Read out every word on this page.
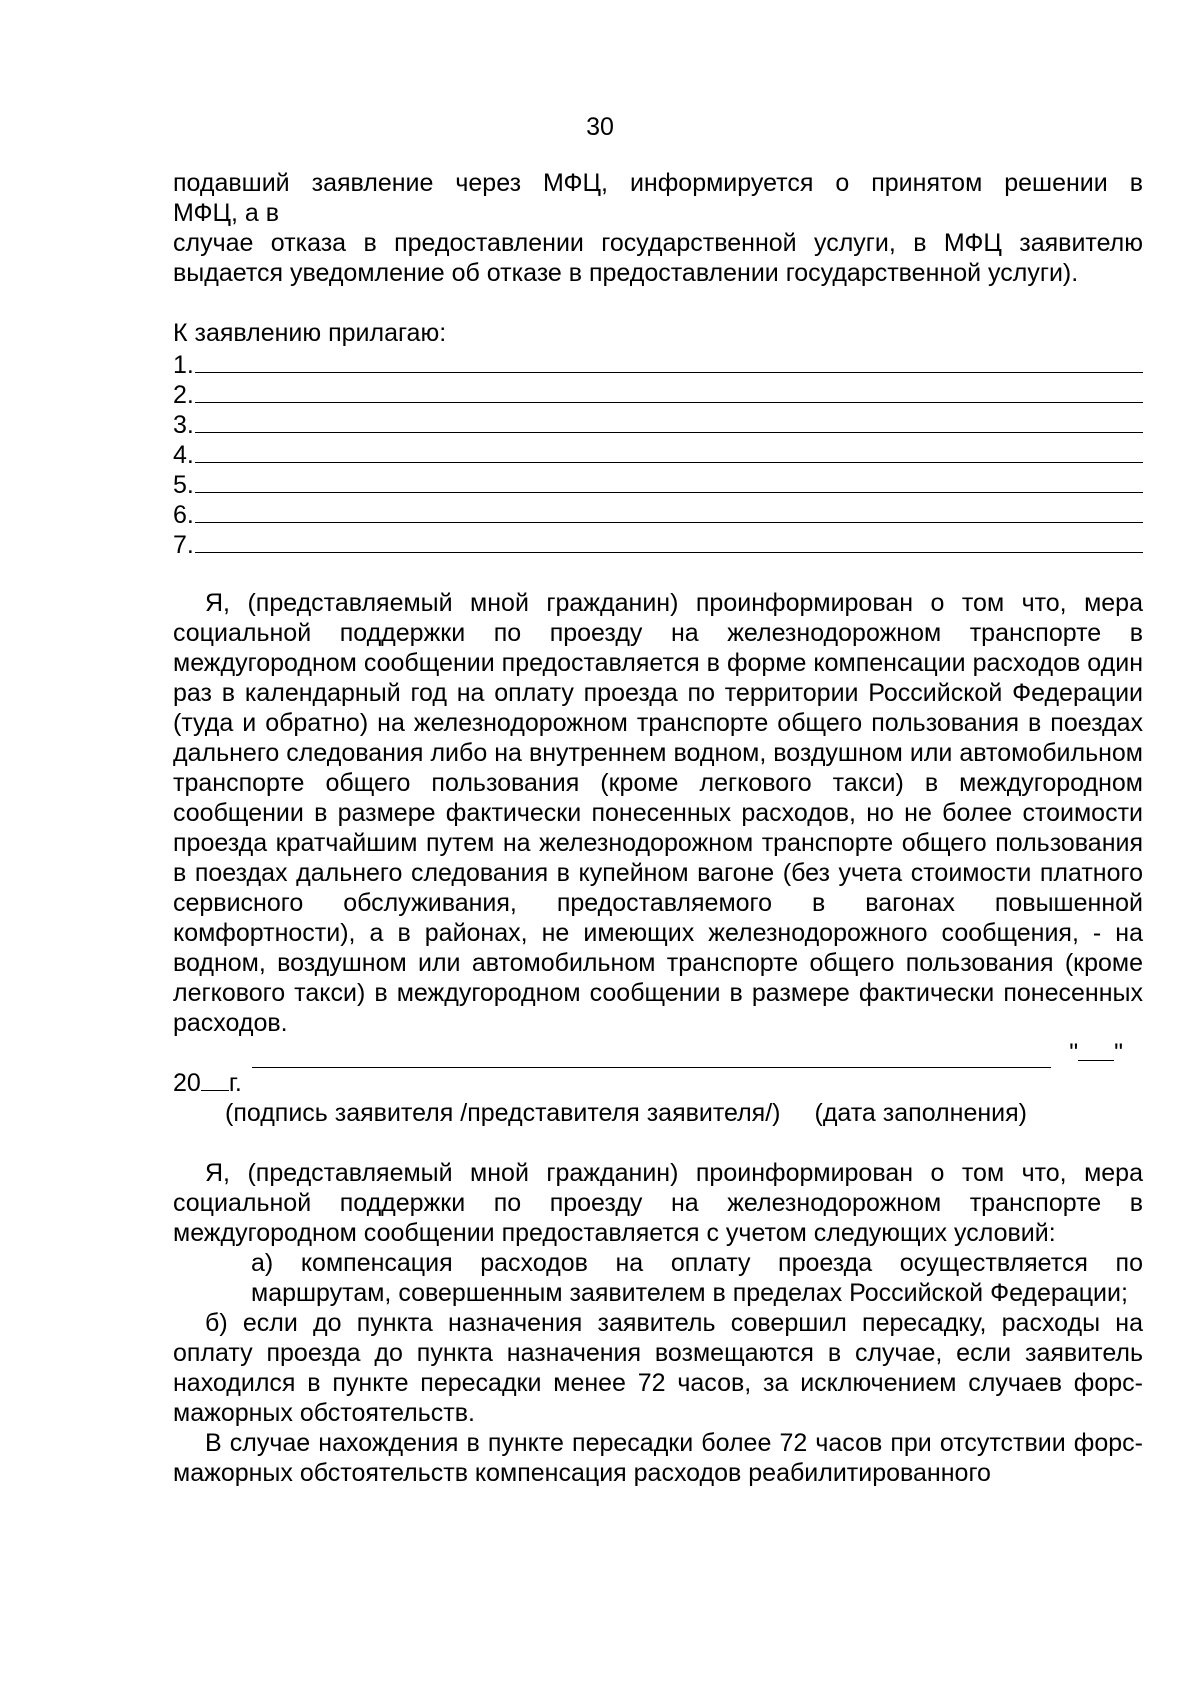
30

подавший заявление через МФЦ, информируется о принятом решении в

МФЦ, а в

случае отказа в предоставлении государственной услуги, в МФЦ заявителю выдается уведомление об отказе в предоставлении государственной услуги).

К заявлению прилагаю:

1.
2.
3.
4.
5.
6.
7.

Я, (представляемый мной гражданин) проинформирован о том что, мера социальной поддержки по проезду на железнодорожном транспорте в междугородном сообщении предоставляется в форме компенсации расходов один раз в календарный год на оплату проезда по территории Российской Федерации (туда и обратно) на железнодорожном транспорте общего пользования в поездах дальнего следования либо на внутреннем водном, воздушном или автомобильном транспорте общего пользования (кроме легкового такси) в междугородном сообщении в размере фактически понесенных расходов, но не более стоимости проезда кратчайшим путем на железнодорожном транспорте общего пользования в поездах дальнего следования в купейном вагоне (без учета стоимости платного сервисного обслуживания, предоставляемого в вагонах повышенной комфортности), а в районах, не имеющих железнодорожного сообщения, - на водном, воздушном или автомобильном транспорте общего пользования (кроме легкового такси) в междугородном сообщении в размере фактически понесенных расходов.

" "
20 г.
(подпись заявителя /представителя заявителя/) (дата заполнения)

Я, (представляемый мной гражданин) проинформирован о том что, мера социальной поддержки по проезду на железнодорожном транспорте в междугородном сообщении предоставляется с учетом следующих условий:

а) компенсация расходов на оплату проезда осуществляется по маршрутам, совершенным заявителем в пределах Российской Федерации;

б) если до пункта назначения заявитель совершил пересадку, расходы на оплату проезда до пункта назначения возмещаются в случае, если заявитель находился в пункте пересадки менее 72 часов, за исключением случаев форс-мажорных обстоятельств.

В случае нахождения в пункте пересадки более 72 часов при отсутствии форс-мажорных обстоятельств компенсация расходов реабилитированного
